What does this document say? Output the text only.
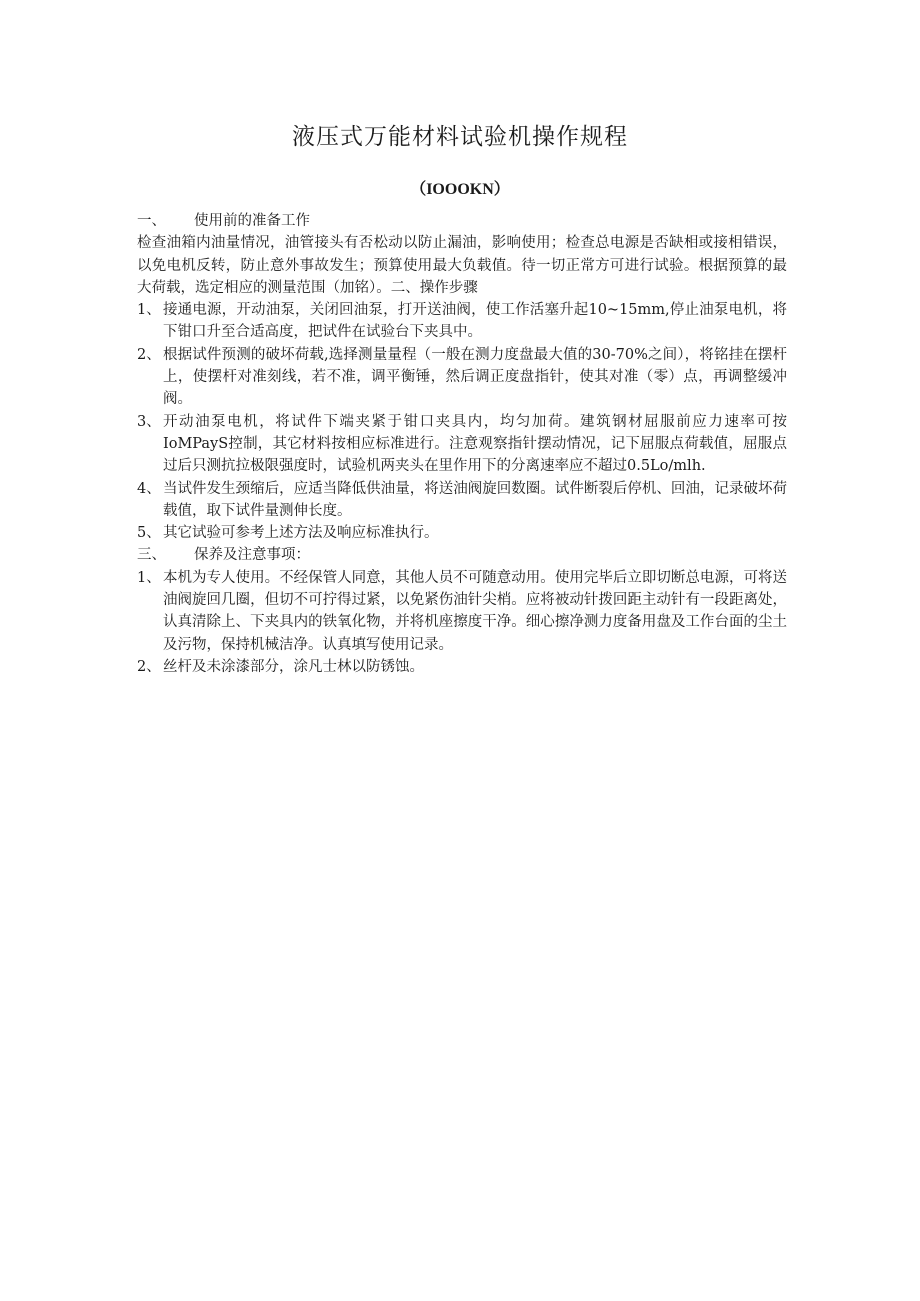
液压式万能材料试验机操作规程
（IOOOKN）
一、	使用前的准备工作
检查油箱内油量情况，油管接头有否松动以防止漏油，影响使用；检查总电源是否缺相或接相错误，以免电机反转，防止意外事故发生；预算使用最大负载值。待一切正常方可进行试验。根据预算的最大荷载，选定相应的测量范围（加铭）。二、操作步骤
1、 接通电源，开动油泵，关闭回油泵，打开送油阀，使工作活塞升起10~15mm,停止油泵电机，将下钳口升至合适高度，把试件在试验台下夹具中。
2、 根据试件预测的破坏荷载,选择测量量程（一般在测力度盘最大值的30-70%之间），将铭挂在摆杆上，使摆杆对准刻线，若不准，调平衡锤，然后调正度盘指针，使其对准（零）点，再调整缓冲阀。
3、 开动油泵电机，将试件下端夹紧于钳口夹具内，均匀加荷。建筑钢材屈服前应力速率可按IoMPayS控制，其它材料按相应标准进行。注意观察指针摆动情况，记下屈服点荷载值，屈服点过后只测抗拉极限强度时，试验机两夹头在里作用下的分离速率应不超过0.5Lo∕mlh.
4、 当试件发生颈缩后，应适当降低供油量，将送油阀旋回数圈。试件断裂后停机、回油，记录破坏荷载值，取下试件量测伸长度。
5、 其它试验可参考上述方法及响应标准执行。
三、	保养及注意事项：
1、 本机为专人使用。不经保管人同意，其他人员不可随意动用。使用完毕后立即切断总电源，可将送油阀旋回几圈，但切不可拧得过紧，以免紧伤油针尖梢。应将被动针拨回距主动针有一段距离处，认真清除上、下夹具内的铁氧化物，并将机座擦度干净。细心擦净测力度备用盘及工作台面的尘土及污物，保持机械洁净。认真填写使用记录。
2、 丝杆及未涂漆部分，涂凡士林以防锈蚀。
